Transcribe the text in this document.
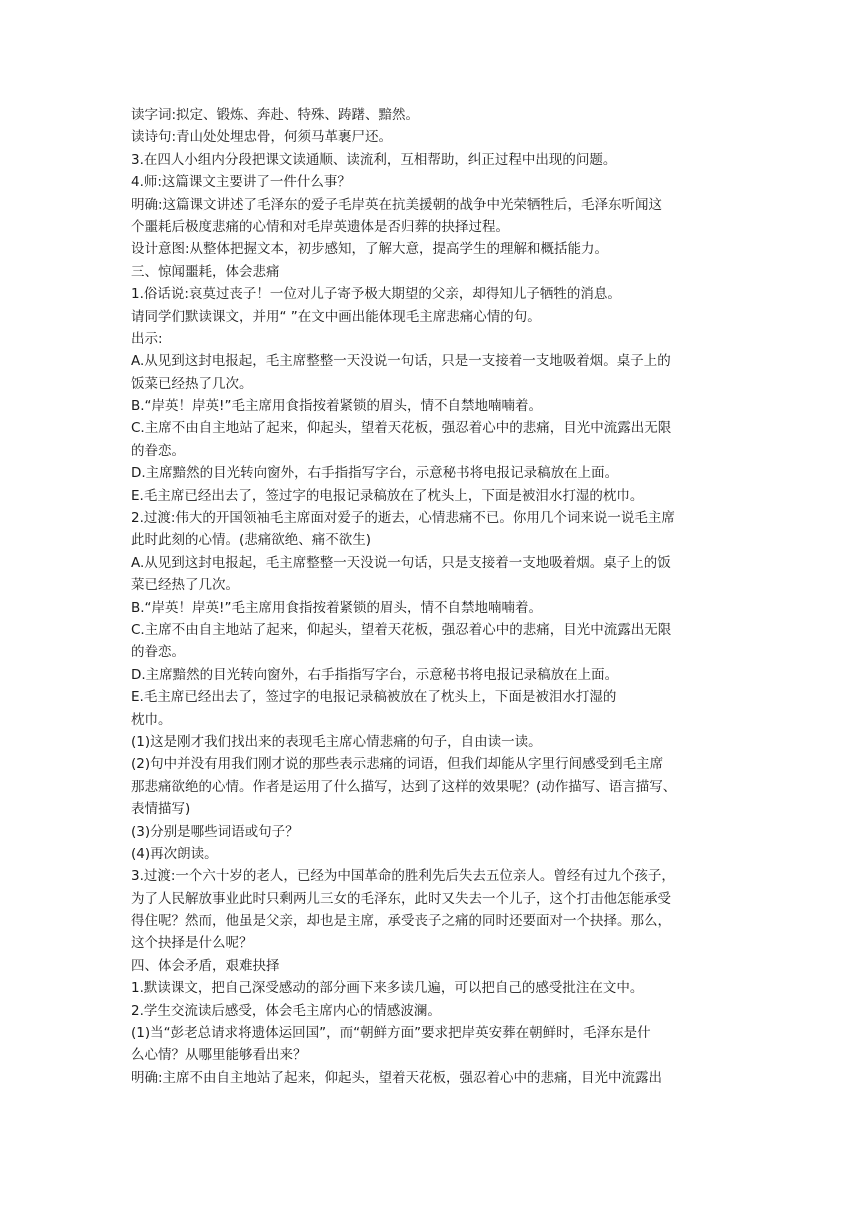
读字词:拟定、锻炼、奔赴、特殊、踌躇、黯然。
读诗句:青山处处埋忠骨，何须马革裹尸还。
3.在四人小组内分段把课文读通顺、读流利，互相帮助，纠正过程中出现的问题。
4.师:这篇课文主要讲了一件什么事？
明确:这篇课文讲述了毛泽东的爱子毛岸英在抗美援朝的战争中光荣牺牲后，毛泽东听闻这
个噩耗后极度悲痛的心情和对毛岸英遗体是否归葬的抉择过程。
设计意图:从整体把握文本，初步感知，了解大意，提高学生的理解和概括能力。
三、惊闻噩耗，体会悲痛
1.俗话说:哀莫过丧子！一位对儿子寄予极大期望的父亲，却得知儿子牺牲的消息。
请同学们默读课文，并用“ ”在文中画出能体现毛主席悲痛心情的句。
出示:
A.从见到这封电报起，毛主席整整一天没说一句话，只是一支接着一支地吸着烟。桌子上的
饭菜已经热了几次。
B.“岸英！岸英!”毛主席用食指按着紧锁的眉头，情不自禁地喃喃着。
C.主席不由自主地站了起来，仰起头，望着天花板，强忍着心中的悲痛，目光中流露出无限
的眷恋。
D.主席黯然的目光转向窗外，右手指指写字台，示意秘书将电报记录稿放在上面。
E.毛主席已经出去了，签过字的电报记录稿放在了枕头上，下面是被泪水打湿的枕巾。
2.过渡:伟大的开国领袖毛主席面对爱子的逝去，心情悲痛不已。你用几个词来说一说毛主席
此时此刻的心情。(悲痛欲绝、痛不欲生)
A.从见到这封电报起，毛主席整整一天没说一句话，只是支接着一支地吸着烟。桌子上的饭
菜已经热了几次。
B.“岸英！岸英!”毛主席用食指按着紧锁的眉头，情不自禁地喃喃着。
C.主席不由自主地站了起来，仰起头，望着天花板，强忍着心中的悲痛，目光中流露出无限
的眷恋。
D.主席黯然的目光转向窗外，右手指指写字台，示意秘书将电报记录稿放在上面。
E.毛主席已经出去了，签过字的电报记录稿被放在了枕头上，下面是被泪水打湿的
枕巾。
(1)这是刚才我们找出来的表现毛主席心情悲痛的句子，自由读一读。
(2)句中并没有用我们刚才说的那些表示悲痛的词语，但我们却能从字里行间感受到毛主席
那悲痛欲绝的心情。作者是运用了什么描写，达到了这样的效果呢？(动作描写、语言描写、
表情描写)
(3)分别是哪些词语或句子？
(4)再次朗读。
3.过渡:一个六十岁的老人，已经为中国革命的胜利先后失去五位亲人。曾经有过九个孩子，
为了人民解放事业此时只剩两儿三女的毛泽东，此时又失去一个儿子，这个打击他怎能承受
得住呢？然而，他虽是父亲，却也是主席，承受丧子之痛的同时还要面对一个抉择。那么，
这个抉择是什么呢？
四、体会矛盾，艰难抉择
1.默读课文，把自己深受感动的部分画下来多读几遍，可以把自己的感受批注在文中。
2.学生交流读后感受，体会毛主席内心的情感波澜。
(1)当“彭老总请求将遗体运回国”，而“朝鲜方面”要求把岸英安葬在朝鲜时，毛泽东是什
么心情？从哪里能够看出来？
明确:主席不由自主地站了起来，仰起头，望着天花板，强忍着心中的悲痛，目光中流露出
